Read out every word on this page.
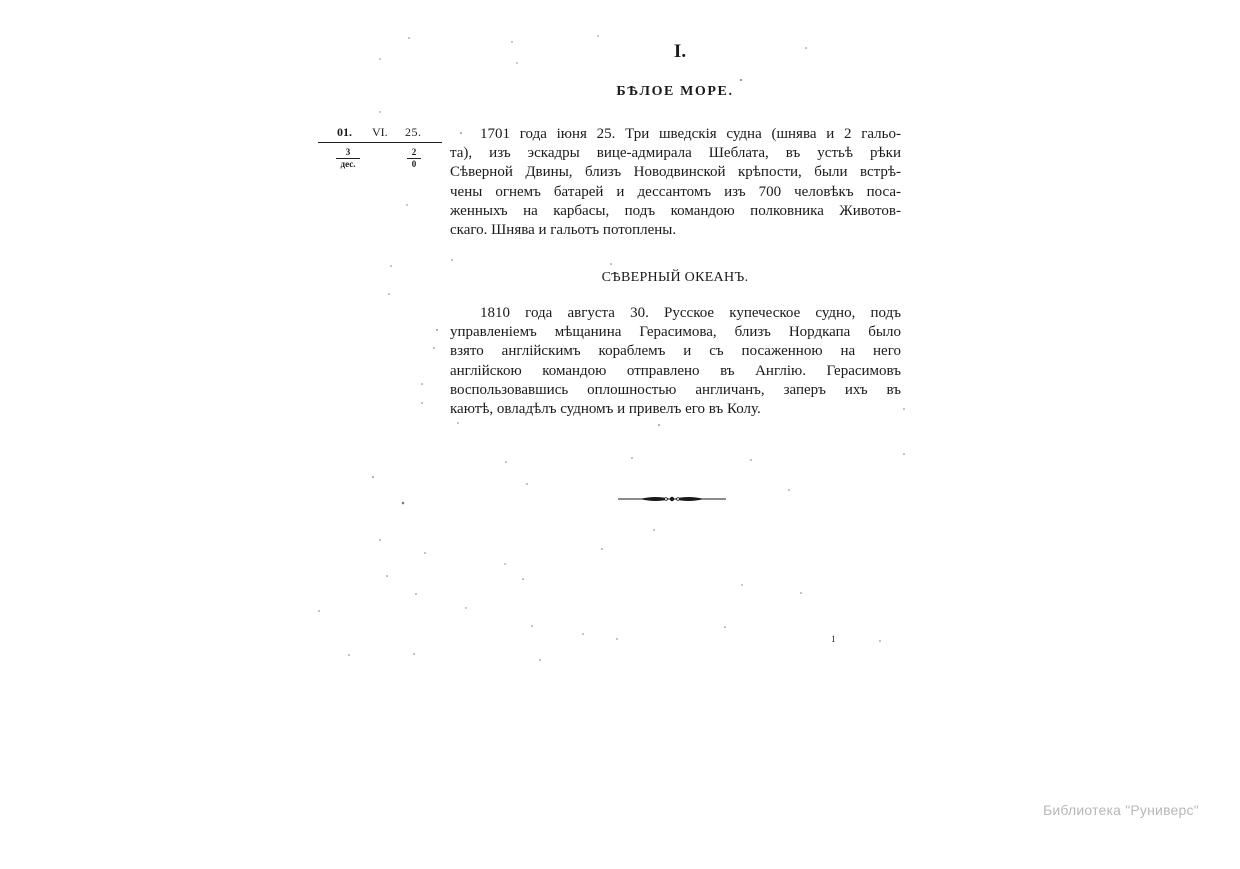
I.
БѢЛОЕ МОРЕ.
01. VI. 25.
3
дес.	$\frac{2}{0}$
1701 года іюня 25. Три шведскія судна (шнява и 2 гальо-
та), изъ эскадры вице-адмирала Шеблата, въ устьѣ рѣки
Сѣверной Двины, близъ Новодвинской крѣпости, были встрѣ-
чены огнемъ батарей и дессантомъ изъ 700 человѣкъ поса-
женныхъ на карбасы, подъ командою полковника Животов-
скаго. Шнява и гальотъ потоплены.
СѢВЕРНЫЙ ОКЕАНЪ.
1810 года августа 30. Русское купеческое судно, подъ
управленіемъ мѣщанина Герасимова, близъ Нордкапа было
взято англійскимъ кораблемъ и съ посаженною на него
англійскою командою отправлено въ Англію. Герасимовъ
воспользовавшись оплошностью англичанъ, заперъ ихъ въ
каютѣ, овладѣлъ судномъ и привелъ его въ Колу.
1
Библиотека "Руниверс"
